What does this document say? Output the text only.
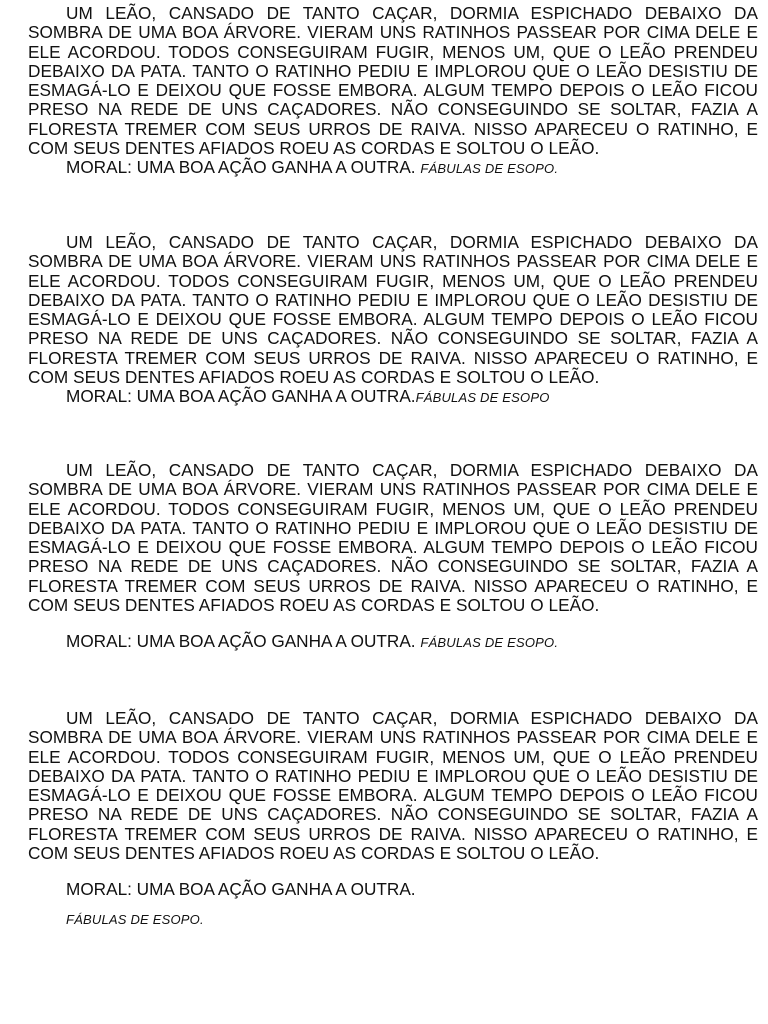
UM LEÃO, CANSADO DE TANTO CAÇAR, DORMIA ESPICHADO DEBAIXO DA SOMBRA DE UMA BOA ÁRVORE. VIERAM UNS RATINHOS PASSEAR POR CIMA DELE E ELE ACORDOU. TODOS CONSEGUIRAM FUGIR, MENOS UM, QUE O LEÃO PRENDEU DEBAIXO DA PATA. TANTO O RATINHO PEDIU E IMPLOROU QUE O LEÃO DESISTIU DE ESMAGÁ-LO E DEIXOU QUE FOSSE EMBORA. ALGUM TEMPO DEPOIS O LEÃO FICOU PRESO NA REDE DE UNS CAÇADORES. NÃO CONSEGUINDO SE SOLTAR, FAZIA A FLORESTA TREMER COM SEUS URROS DE RAIVA. NISSO APARECEU O RATINHO, E COM SEUS DENTES AFIADOS ROEU AS CORDAS E SOLTOU O LEÃO.

MORAL: UMA BOA AÇÃO GANHA A OUTRA. FÁBULAS DE ESOPO.

UM LEÃO, CANSADO DE TANTO CAÇAR, DORMIA ESPICHADO DEBAIXO DA SOMBRA DE UMA BOA ÁRVORE. VIERAM UNS RATINHOS PASSEAR POR CIMA DELE E ELE ACORDOU. TODOS CONSEGUIRAM FUGIR, MENOS UM, QUE O LEÃO PRENDEU DEBAIXO DA PATA. TANTO O RATINHO PEDIU E IMPLOROU QUE O LEÃO DESISTIU DE ESMAGÁ-LO E DEIXOU QUE FOSSE EMBORA. ALGUM TEMPO DEPOIS O LEÃO FICOU PRESO NA REDE DE UNS CAÇADORES. NÃO CONSEGUINDO SE SOLTAR, FAZIA A FLORESTA TREMER COM SEUS URROS DE RAIVA. NISSO APARECEU O RATINHO, E COM SEUS DENTES AFIADOS ROEU AS CORDAS E SOLTOU O LEÃO.

MORAL: UMA BOA AÇÃO GANHA A OUTRA.FÁBULAS DE ESOPO

UM LEÃO, CANSADO DE TANTO CAÇAR, DORMIA ESPICHADO DEBAIXO DA SOMBRA DE UMA BOA ÁRVORE. VIERAM UNS RATINHOS PASSEAR POR CIMA DELE E ELE ACORDOU. TODOS CONSEGUIRAM FUGIR, MENOS UM, QUE O LEÃO PRENDEU DEBAIXO DA PATA. TANTO O RATINHO PEDIU E IMPLOROU QUE O LEÃO DESISTIU DE ESMAGÁ-LO E DEIXOU QUE FOSSE EMBORA. ALGUM TEMPO DEPOIS O LEÃO FICOU PRESO NA REDE DE UNS CAÇADORES. NÃO CONSEGUINDO SE SOLTAR, FAZIA A FLORESTA TREMER COM SEUS URROS DE RAIVA. NISSO APARECEU O RATINHO, E COM SEUS DENTES AFIADOS ROEU AS CORDAS E SOLTOU O LEÃO.

MORAL: UMA BOA AÇÃO GANHA A OUTRA. FÁBULAS DE ESOPO.

UM LEÃO, CANSADO DE TANTO CAÇAR, DORMIA ESPICHADO DEBAIXO DA SOMBRA DE UMA BOA ÁRVORE. VIERAM UNS RATINHOS PASSEAR POR CIMA DELE E ELE ACORDOU. TODOS CONSEGUIRAM FUGIR, MENOS UM, QUE O LEÃO PRENDEU DEBAIXO DA PATA. TANTO O RATINHO PEDIU E IMPLOROU QUE O LEÃO DESISTIU DE ESMAGÁ-LO E DEIXOU QUE FOSSE EMBORA. ALGUM TEMPO DEPOIS O LEÃO FICOU PRESO NA REDE DE UNS CAÇADORES. NÃO CONSEGUINDO SE SOLTAR, FAZIA A FLORESTA TREMER COM SEUS URROS DE RAIVA. NISSO APARECEU O RATINHO, E COM SEUS DENTES AFIADOS ROEU AS CORDAS E SOLTOU O LEÃO.

MORAL: UMA BOA AÇÃO GANHA A OUTRA.

FÁBULAS DE ESOPO.
